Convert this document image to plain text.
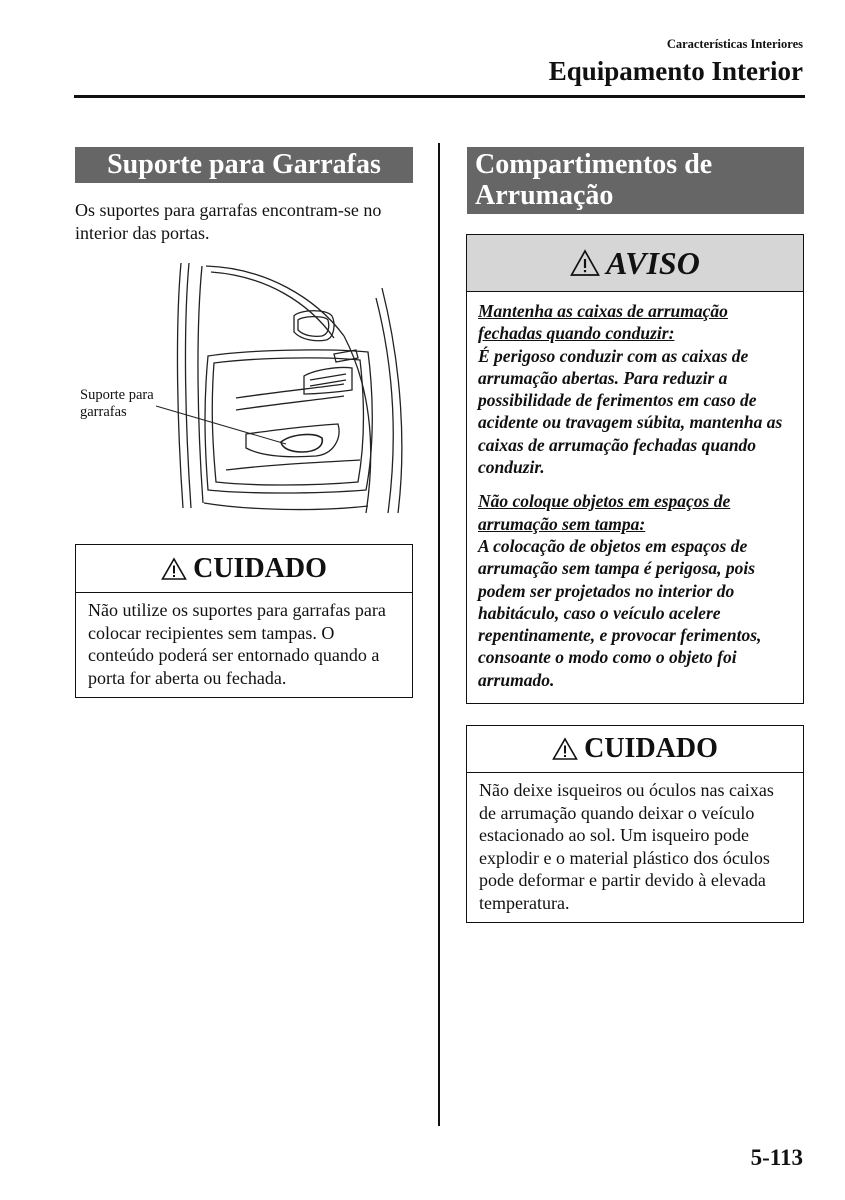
Características Interiores
Equipamento Interior
Suporte para Garrafas
Os suportes para garrafas encontram-se no interior das portas.
Suporte para
garrafas
CUIDADO
Não utilize os suportes para garrafas para colocar recipientes sem tampas. O conteúdo poderá ser entornado quando a porta for aberta ou fechada.
Compartimentos de
Arrumação
AVISO

Mantenha as caixas de arrumação fechadas quando conduzir:
É perigoso conduzir com as caixas de arrumação abertas. Para reduzir a possibilidade de ferimentos em caso de acidente ou travagem súbita, mantenha as caixas de arrumação fechadas quando conduzir.

Não coloque objetos em espaços de arrumação sem tampa:
A colocação de objetos em espaços de arrumação sem tampa é perigosa, pois podem ser projetados no interior do habitáculo, caso o veículo acelere repentinamente, e provocar ferimentos, consoante o modo como o objeto foi arrumado.

CUIDADO
Não deixe isqueiros ou óculos nas caixas de arrumação quando deixar o veículo estacionado ao sol. Um isqueiro pode explodir e o material plástico dos óculos pode deformar e partir devido à elevada temperatura.
5-113
